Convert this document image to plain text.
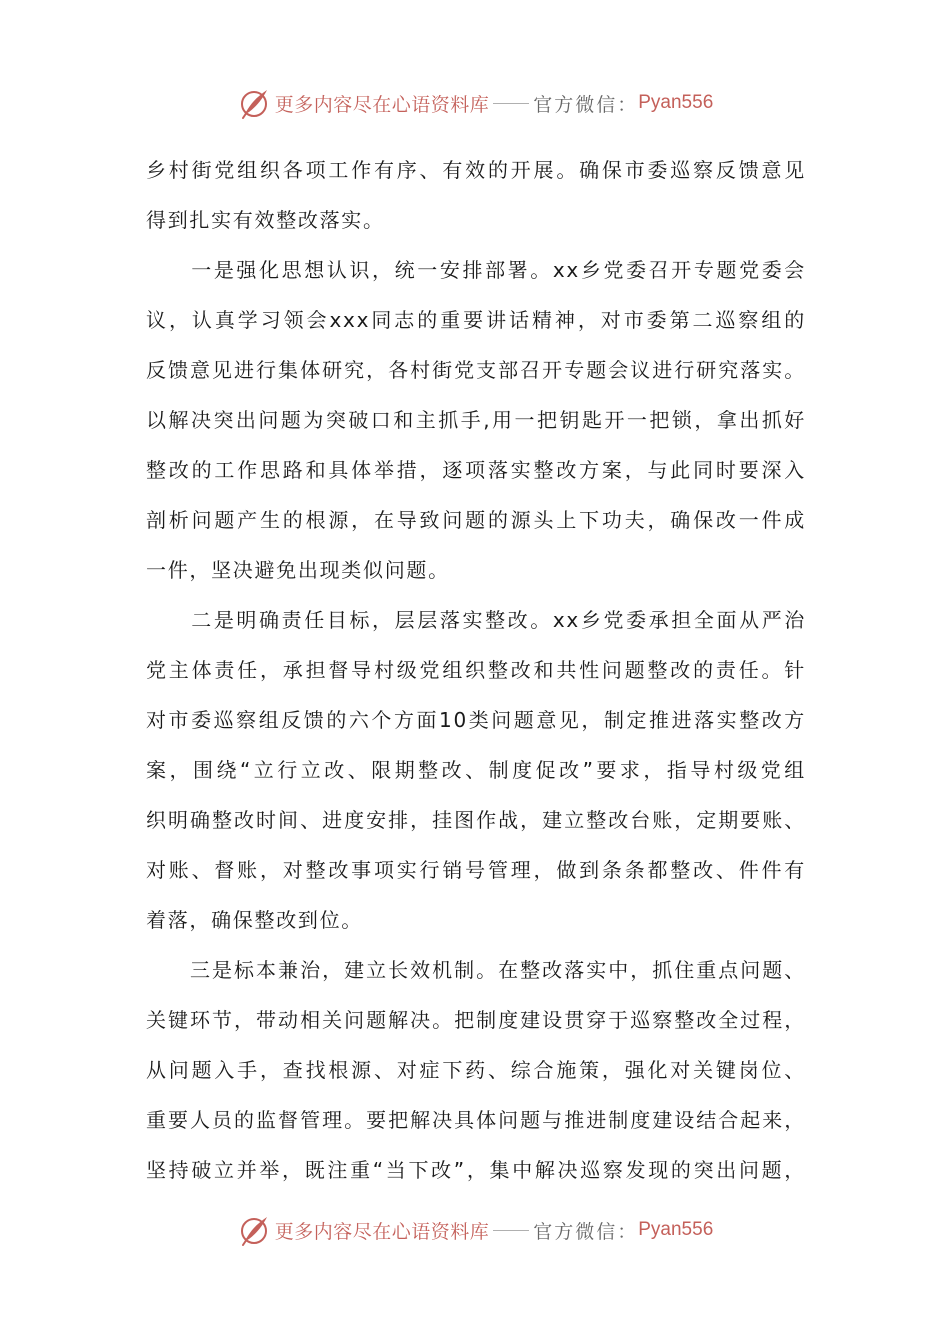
更多内容尽在心语资料库 官方微信： Pyan556
乡村街党组织各项工作有序、有效的开展。确保市委巡察反馈意见
得到扎实有效整改落实。
　　一是强化思想认识，统一安排部署。xx乡党委召开专题党委会
议，认真学习领会xxx同志的重要讲话精神，对市委第二巡察组的
反馈意见进行集体研究，各村街党支部召开专题会议进行研究落实。
以解决突出问题为突破口和主抓手,用一把钥匙开一把锁，拿出抓好
整改的工作思路和具体举措，逐项落实整改方案，与此同时要深入
剖析问题产生的根源，在导致问题的源头上下功夫，确保改一件成
一件，坚决避免出现类似问题。
　　二是明确责任目标，层层落实整改。xx乡党委承担全面从严治
党主体责任，承担督导村级党组织整改和共性问题整改的责任。针
对市委巡察组反馈的六个方面10类问题意见，制定推进落实整改方
案，围绕“立行立改、限期整改、制度促改”要求，指导村级党组
织明确整改时间、进度安排，挂图作战，建立整改台账，定期要账、
对账、督账，对整改事项实行销号管理，做到条条都整改、件件有
着落，确保整改到位。
　　三是标本兼治，建立长效机制。在整改落实中，抓住重点问题、
关键环节，带动相关问题解决。把制度建设贯穿于巡察整改全过程，
从问题入手，查找根源、对症下药、综合施策，强化对关键岗位、
重要人员的监督管理。要把解决具体问题与推进制度建设结合起来，
坚持破立并举，既注重“当下改”，集中解决巡察发现的突出问题，
更多内容尽在心语资料库 官方微信： Pyan556
